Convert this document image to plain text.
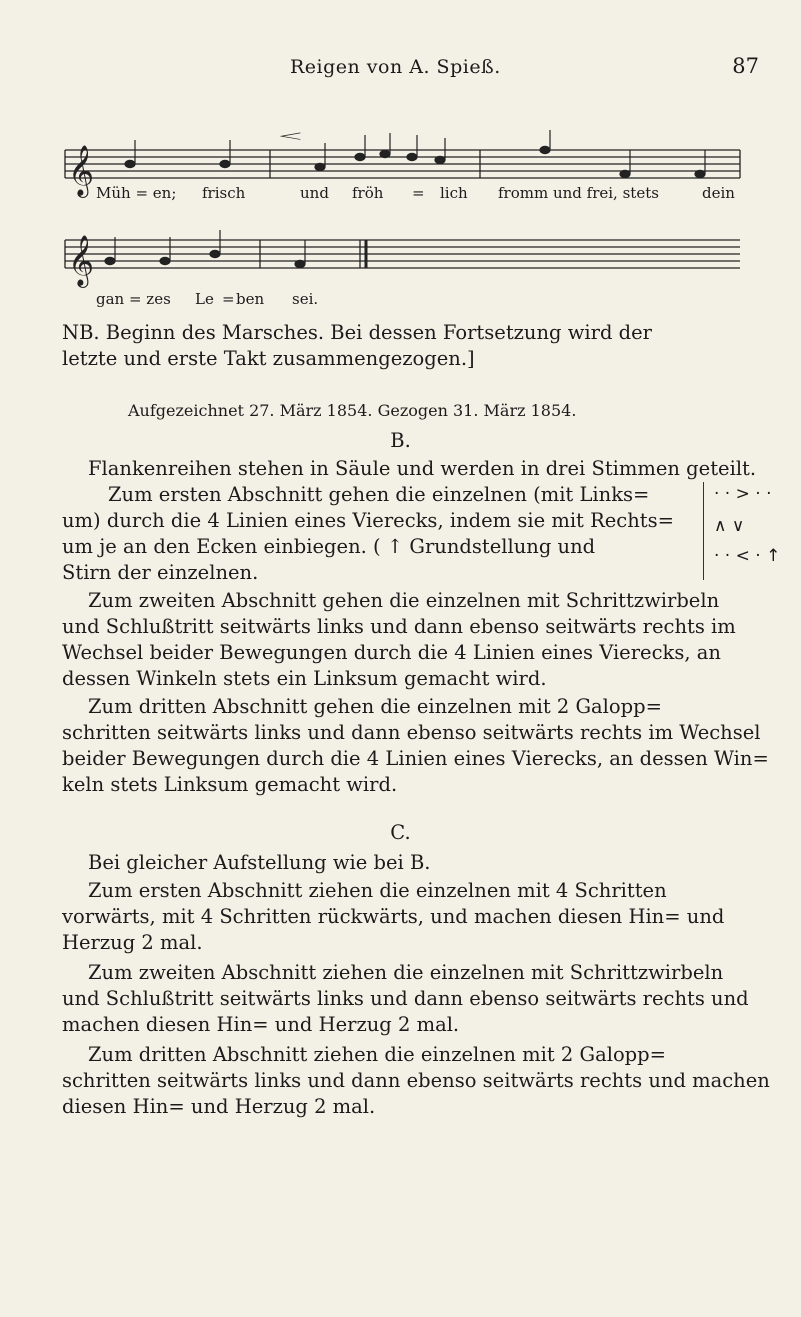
Reigen von A. Spieß.	87
𝄞
𝄞
𝆒
Müh = en; frisch	und fröh = lich fromm und frei, stets	dein
gan = zes Le = ben sei.
NB. Beginn des Marsches. Bei dessen Fortsetzung wird der
letzte und erste Takt zusammengezogen.]
Aufgezeichnet 27. März 1854. Gezogen 31. März 1854.
B.
Flankenreihen stehen in Säule und werden in drei Stimmen geteilt.
Zum ersten Abschnitt gehen die einzelnen (mit Links=
um) durch die 4 Linien eines Vierecks, indem sie mit Rechts=
um je an den Ecken einbiegen. ( ↑ Grundstellung und
Stirn der einzelnen.
· · > · ·
∧ ∨
· · < · ↑
Zum zweiten Abschnitt gehen die einzelnen mit Schrittzwirbeln
und Schlußtritt seitwärts links und dann ebenso seitwärts rechts im
Wechsel beider Bewegungen durch die 4 Linien eines Vierecks, an
dessen Winkeln stets ein Linksum gemacht wird.
Zum dritten Abschnitt gehen die einzelnen mit 2 Galopp=
schritten seitwärts links und dann ebenso seitwärts rechts im Wechsel
beider Bewegungen durch die 4 Linien eines Vierecks, an dessen Win=
keln stets Linksum gemacht wird.
C.
Bei gleicher Aufstellung wie bei B.
Zum ersten Abschnitt ziehen die einzelnen mit 4 Schritten
vorwärts, mit 4 Schritten rückwärts, und machen diesen Hin= und
Herzug 2 mal.
Zum zweiten Abschnitt ziehen die einzelnen mit Schrittzwirbeln
und Schlußtritt seitwärts links und dann ebenso seitwärts rechts und
machen diesen Hin= und Herzug 2 mal.
Zum dritten Abschnitt ziehen die einzelnen mit 2 Galopp=
schritten seitwärts links und dann ebenso seitwärts rechts und machen
diesen Hin= und Herzug 2 mal.
